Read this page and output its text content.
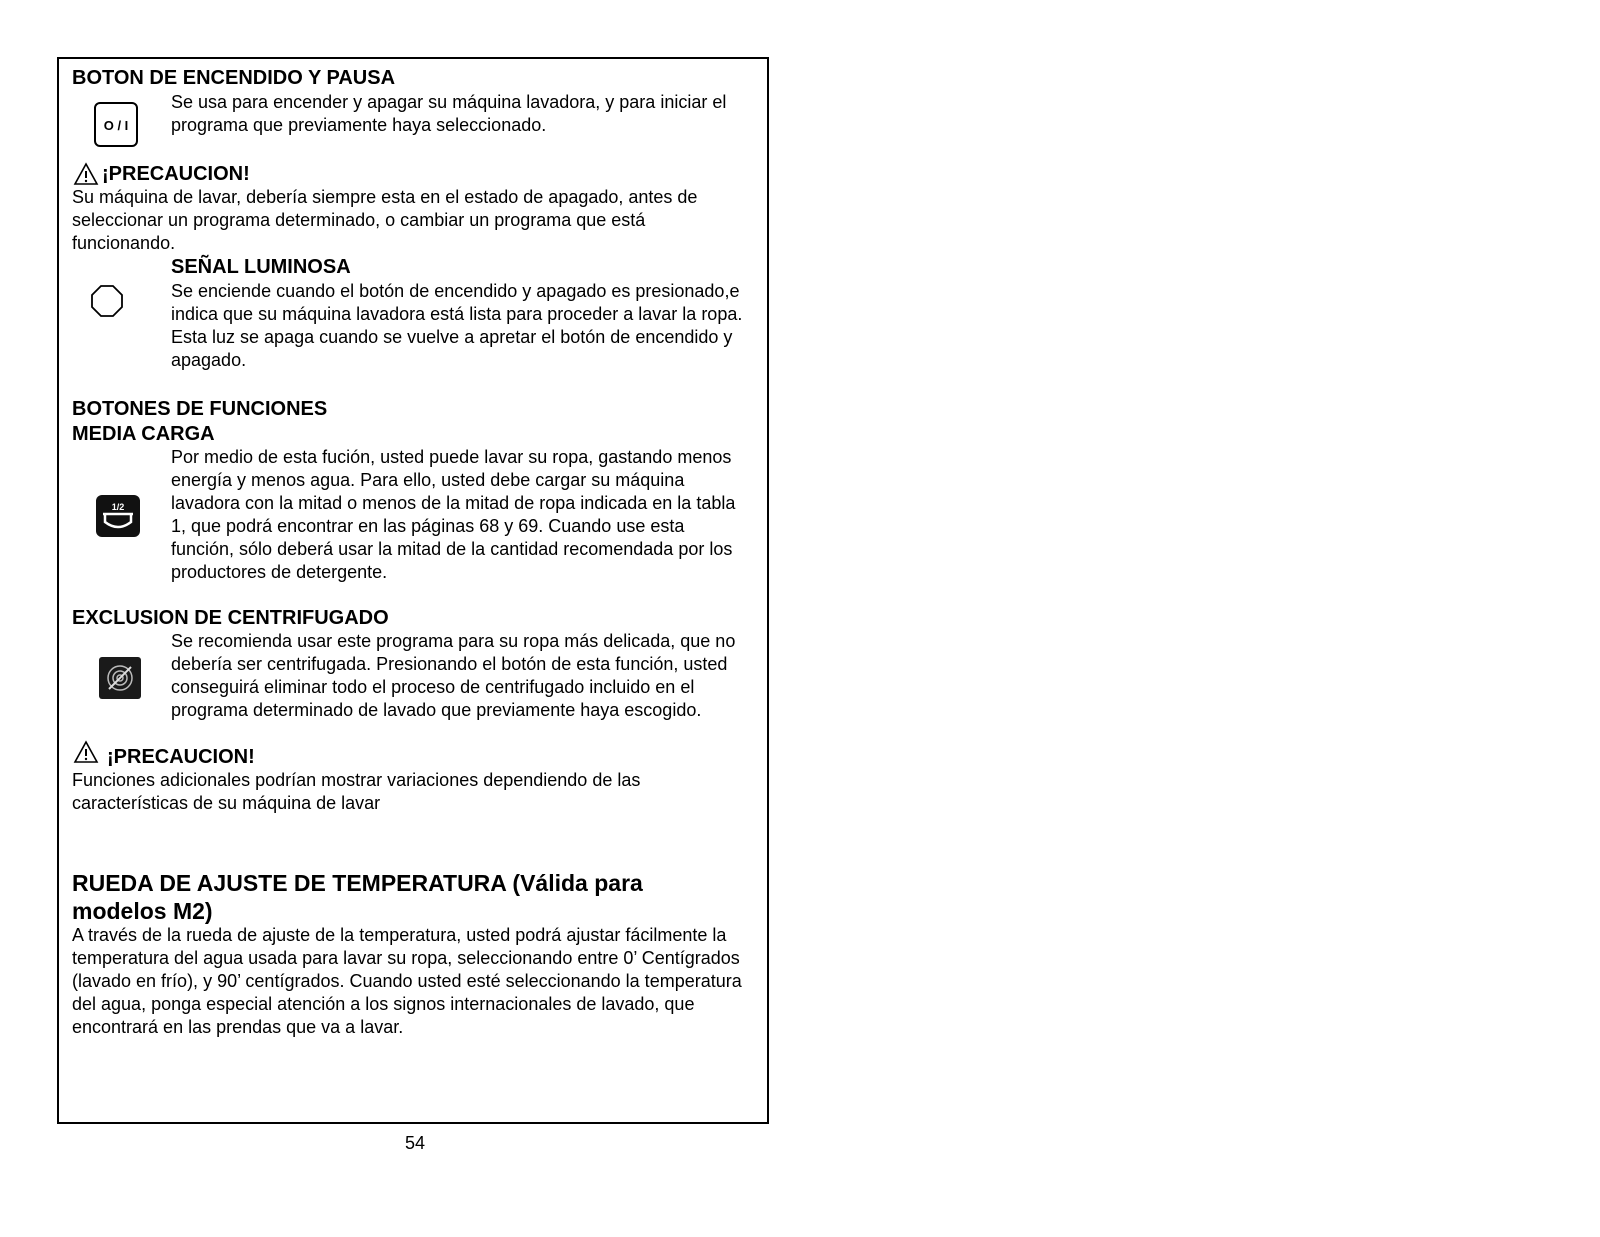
BOTON DE ENCENDIDO Y PAUSA
O / I

Se usa para encender y apagar su máquina lavadora, y para iniciar el programa que previamente haya seleccionado.

¡PRECAUCION!

Su máquina de lavar, debería siempre esta en el estado de apagado, antes de seleccionar un programa determinado, o cambiar un programa que está funcionando.

SEÑAL LUMINOSA

Se enciende cuando el botón de encendido y apagado es presionado,e indica que su máquina lavadora está lista para proceder a lavar la ropa. Esta luz se apaga cuando se vuelve a apretar el botón de encendido y apagado.

BOTONES DE FUNCIONES
MEDIA CARGA
1/2

Por medio de esta fución, usted puede lavar su ropa, gastando menos energía y menos agua. Para ello, usted debe cargar su máquina lavadora con la mitad o menos de la mitad de ropa indicada en la tabla 1, que podrá encontrar en las páginas 68 y 69. Cuando use esta función, sólo deberá usar la mitad de la cantidad recomendada por los productores de detergente.

EXCLUSION DE CENTRIFUGADO

Se recomienda usar este programa para su ropa más delicada, que no debería ser centrifugada. Presionando el botón de esta función, usted conseguirá eliminar todo el proceso de centrifugado incluido en el programa determinado de lavado que previamente haya escogido.

¡PRECAUCION!

Funciones adicionales podrían mostrar variaciones dependiendo de las características de su máquina de lavar

RUEDA DE AJUSTE DE TEMPERATURA (Válida para modelos M2)

A través de la rueda de ajuste de la temperatura, usted podrá ajustar fácilmente la temperatura del agua usada para lavar su ropa, seleccionando entre 0’ Centígrados (lavado en frío), y 90’ centígrados. Cuando usted esté seleccionando la temperatura del agua, ponga especial atención a los signos internacionales de lavado, que encontrará en las prendas que va a lavar.

54
